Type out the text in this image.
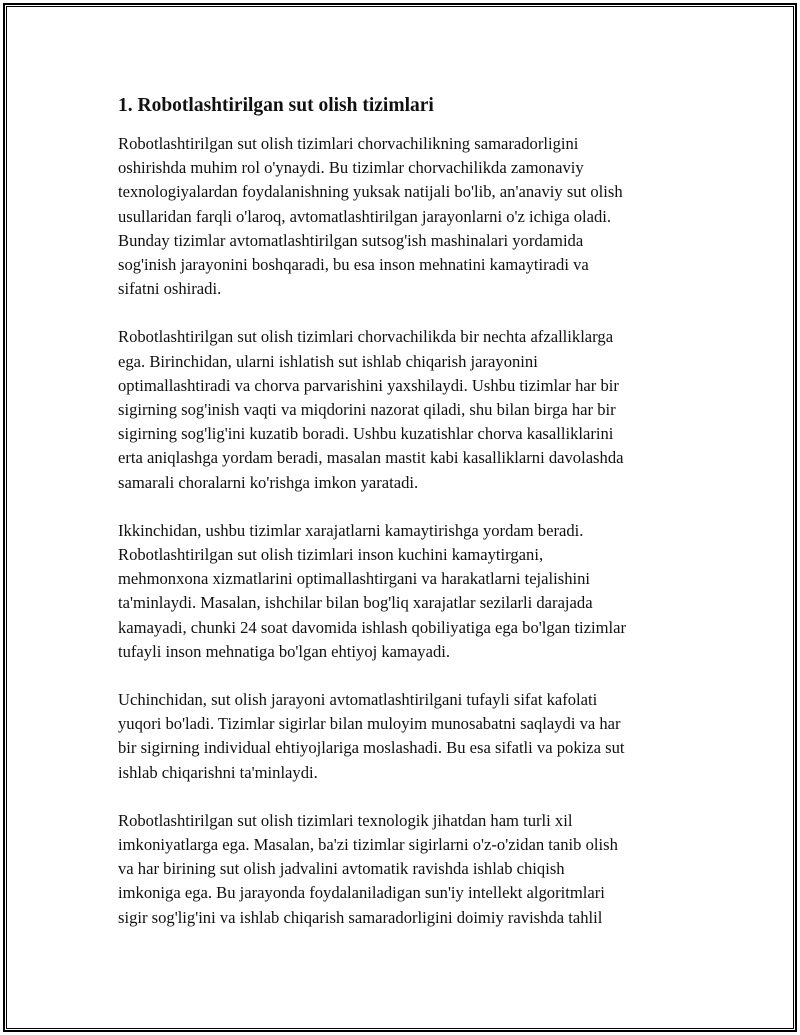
1. Robotlashtirilgan sut olish tizimlari

Robotlashtirilgan sut olish tizimlari chorvachilikning samaradorligini
oshirishda muhim rol o'ynaydi. Bu tizimlar chorvachilikda zamonaviy
texnologiyalardan foydalanishning yuksak natijali bo'lib, an'anaviy sut olish
usullaridan farqli o'laroq, avtomatlashtirilgan jarayonlarni o'z ichiga oladi.
Bunday tizimlar avtomatlashtirilgan sutsog'ish mashinalari yordamida
sog'inish jarayonini boshqaradi, bu esa inson mehnatini kamaytiradi va
sifatni oshiradi.

Robotlashtirilgan sut olish tizimlari chorvachilikda bir nechta afzalliklarga
ega. Birinchidan, ularni ishlatish sut ishlab chiqarish jarayonini
optimallashtiradi va chorva parvarishini yaxshilaydi. Ushbu tizimlar har bir
sigirning sog'inish vaqti va miqdorini nazorat qiladi, shu bilan birga har bir
sigirning sog'lig'ini kuzatib boradi. Ushbu kuzatishlar chorva kasalliklarini
erta aniqlashga yordam beradi, masalan mastit kabi kasalliklarni davolashda
samarali choralarni ko'rishga imkon yaratadi.

Ikkinchidan, ushbu tizimlar xarajatlarni kamaytirishga yordam beradi.
Robotlashtirilgan sut olish tizimlari inson kuchini kamaytirgani,
mehmonxona xizmatlarini optimallashtirgani va harakatlarni tejalishini
ta'minlaydi. Masalan, ishchilar bilan bog'liq xarajatlar sezilarli darajada
kamayadi, chunki 24 soat davomida ishlash qobiliyatiga ega bo'lgan tizimlar
tufayli inson mehnatiga bo'lgan ehtiyoj kamayadi.

Uchinchidan, sut olish jarayoni avtomatlashtirilgani tufayli sifat kafolati
yuqori bo'ladi. Tizimlar sigirlar bilan muloyim munosabatni saqlaydi va har
bir sigirning individual ehtiyojlariga moslashadi. Bu esa sifatli va pokiza sut
ishlab chiqarishni ta'minlaydi.

Robotlashtirilgan sut olish tizimlari texnologik jihatdan ham turli xil
imkoniyatlarga ega. Masalan, ba'zi tizimlar sigirlarni o'z-o'zidan tanib olish
va har birining sut olish jadvalini avtomatik ravishda ishlab chiqish
imkoniga ega. Bu jarayonda foydalaniladigan sun'iy intellekt algoritmlari
sigir sog'lig'ini va ishlab chiqarish samaradorligini doimiy ravishda tahlil
